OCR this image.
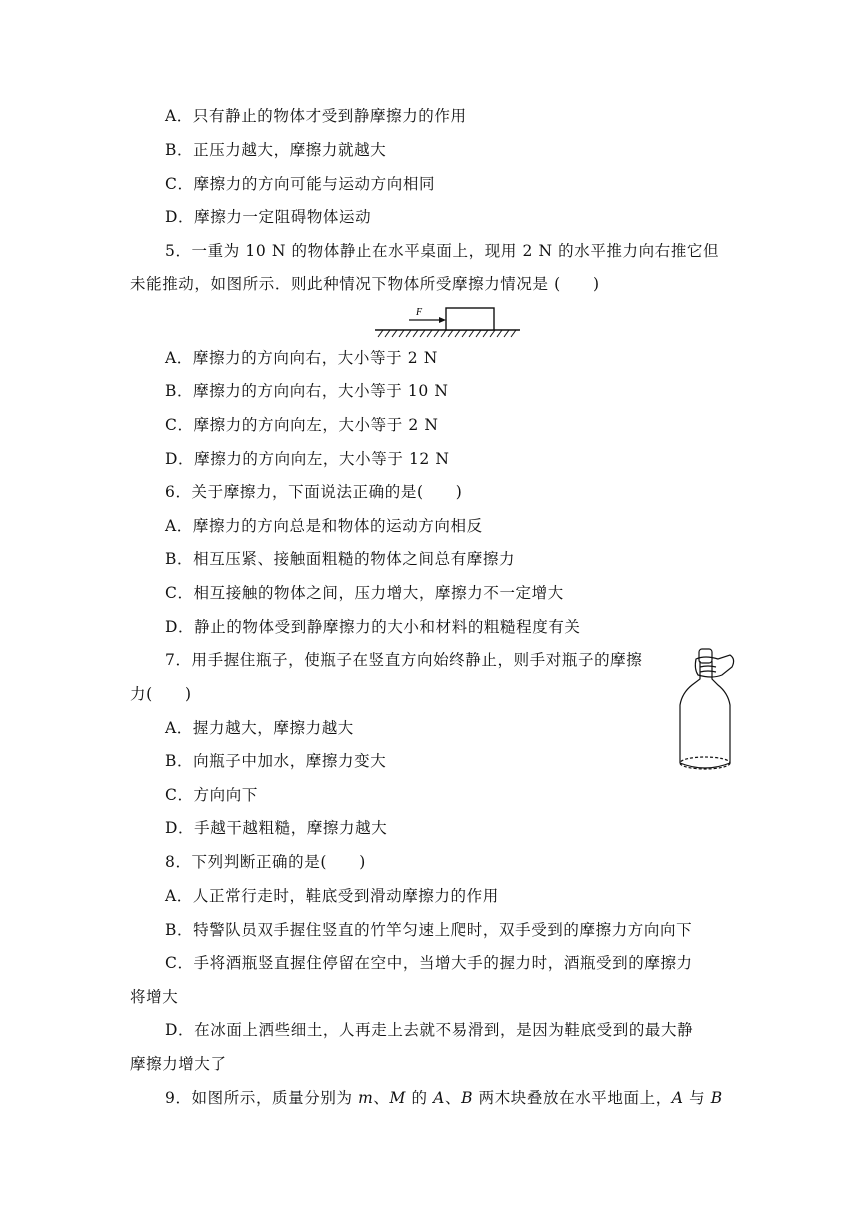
A．只有静止的物体才受到静摩擦力的作用
B．正压力越大，摩擦力就越大
C．摩擦力的方向可能与运动方向相同
D．摩擦力一定阻碍物体运动
5．一重为 10 N 的物体静止在水平桌面上，现用 2 N 的水平推力向右推它但
未能推动，如图所示．则此种情况下物体所受摩擦力情况是 (　　)
F
A．摩擦力的方向向右，大小等于 2 N
B．摩擦力的方向向右，大小等于 10 N
C．摩擦力的方向向左，大小等于 2 N
D．摩擦力的方向向左，大小等于 12 N
6．关于摩擦力，下面说法正确的是(　　)
A．摩擦力的方向总是和物体的运动方向相反
B．相互压紧、接触面粗糙的物体之间总有摩擦力
C．相互接触的物体之间，压力增大，摩擦力不一定增大
D．静止的物体受到静摩擦力的大小和材料的粗糙程度有关
7．用手握住瓶子，使瓶子在竖直方向始终静止，则手对瓶子的摩擦
力(　　)
A．握力越大，摩擦力越大
B．向瓶子中加水，摩擦力变大
C．方向向下
D．手越干越粗糙，摩擦力越大
8．下列判断正确的是(　　)
A．人正常行走时，鞋底受到滑动摩擦力的作用
B．特警队员双手握住竖直的竹竿匀速上爬时，双手受到的摩擦力方向向下
C．手将酒瓶竖直握住停留在空中，当增大手的握力时，酒瓶受到的摩擦力
将增大
D．在冰面上洒些细土，人再走上去就不易滑到，是因为鞋底受到的最大静
摩擦力增大了
9．如图所示，质量分别为 m、M 的 A、B 两木块叠放在水平地面上，A 与 B
